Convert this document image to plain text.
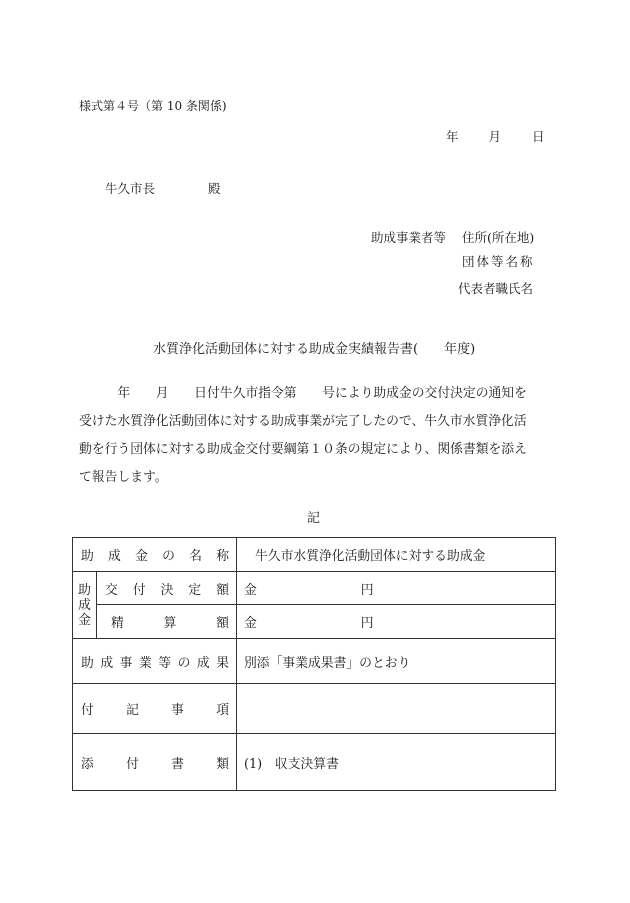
様式第４号（第 10 条関係)
年 月 日
牛久市長	殿
助成事業者等 住所(所在地)
団体等名称
代表者職氏名
水質浄化活動団体に対する助成金実績報告書(　　年度)

　　　年　　月　　日付牛久市指令第　　号により助成金の交付決定の通知を

受けた水質浄化活動団体に対する助成事業が完了したので、牛久市水質浄化活

動を行う団体に対する助成金交付要綱第１０条の規定により、関係書類を添え

て報告します。

記
助成金の名称		牛久市水質浄化活動団体に対する助成金
助成金	交付決定額	金 円
	精算額	金 円
助成事業等の成果		別添「事業成果書」のとおり
付記事項		
添付書類		(1)　収支決算書
